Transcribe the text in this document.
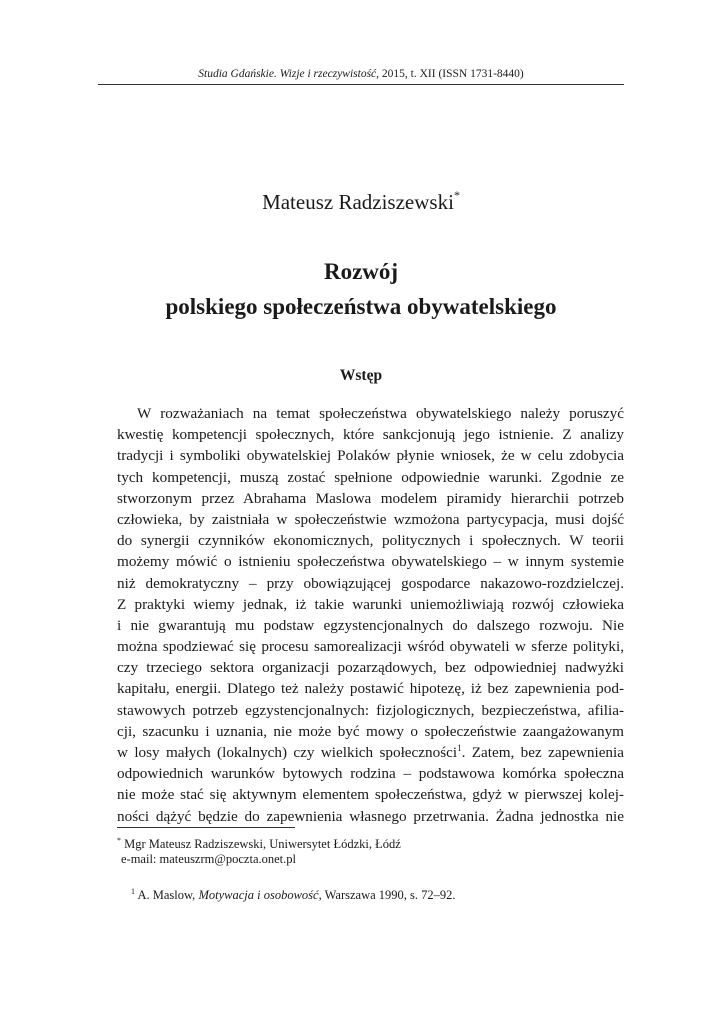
Studia Gdańskie. Wizje i rzeczywistość, 2015, t. XII (ISSN 1731-8440)
Mateusz Radziszewski*
Rozwój
polskiego społeczeństwa obywatelskiego
Wstęp
W rozważaniach na temat społeczeństwa obywatelskiego należy poruszyć
kwestię kompetencji społecznych, które sankcjonują jego istnienie. Z analizy
tradycji i symboliki obywatelskiej Polaków płynie wniosek, że w celu zdobycia
tych kompetencji, muszą zostać spełnione odpowiednie warunki. Zgodnie ze
stworzonym przez Abrahama Maslowa modelem piramidy hierarchii potrzeb
człowieka, by zaistniała w społeczeństwie wzmożona partycypacja, musi dojść
do synergii czynników ekonomicznych, politycznych i społecznych. W teorii
możemy mówić o istnieniu społeczeństwa obywatelskiego – w innym systemie
niż demokratyczny – przy obowiązującej gospodarce nakazowo-rozdzielczej.
Z praktyki wiemy jednak, iż takie warunki uniemożliwiają rozwój człowieka
i nie gwarantują mu podstaw egzystencjonalnych do dalszego rozwoju. Nie
można spodziewać się procesu samorealizacji wśród obywateli w sferze polityki,
czy trzeciego sektora organizacji pozarządowych, bez odpowiedniej nadwyżki
kapitału, energii. Dlatego też należy postawić hipotezę, iż bez zapewnienia pod-
stawowych potrzeb egzystencjonalnych: fizjologicznych, bezpieczeństwa, afilia-
cji, szacunku i uznania, nie może być mowy o społeczeństwie zaangażowanym
w losy małych (lokalnych) czy wielkich społeczności$^1$. Zatem, bez zapewnienia
odpowiednich warunków bytowych rodzina – podstawowa komórka społeczna
nie może stać się aktywnym elementem społeczeństwa, gdyż w pierwszej kolej-
ności dążyć będzie do zapewnienia własnego przetrwania. Żadna jednostka nie
* Mgr Mateusz Radziszewski, Uniwersytet Łódzki, Łódź
e-mail: mateuszrm@poczta.onet.pl
$^1$ A. Maslow, Motywacja i osobowość, Warszawa 1990, s. 72–92.
